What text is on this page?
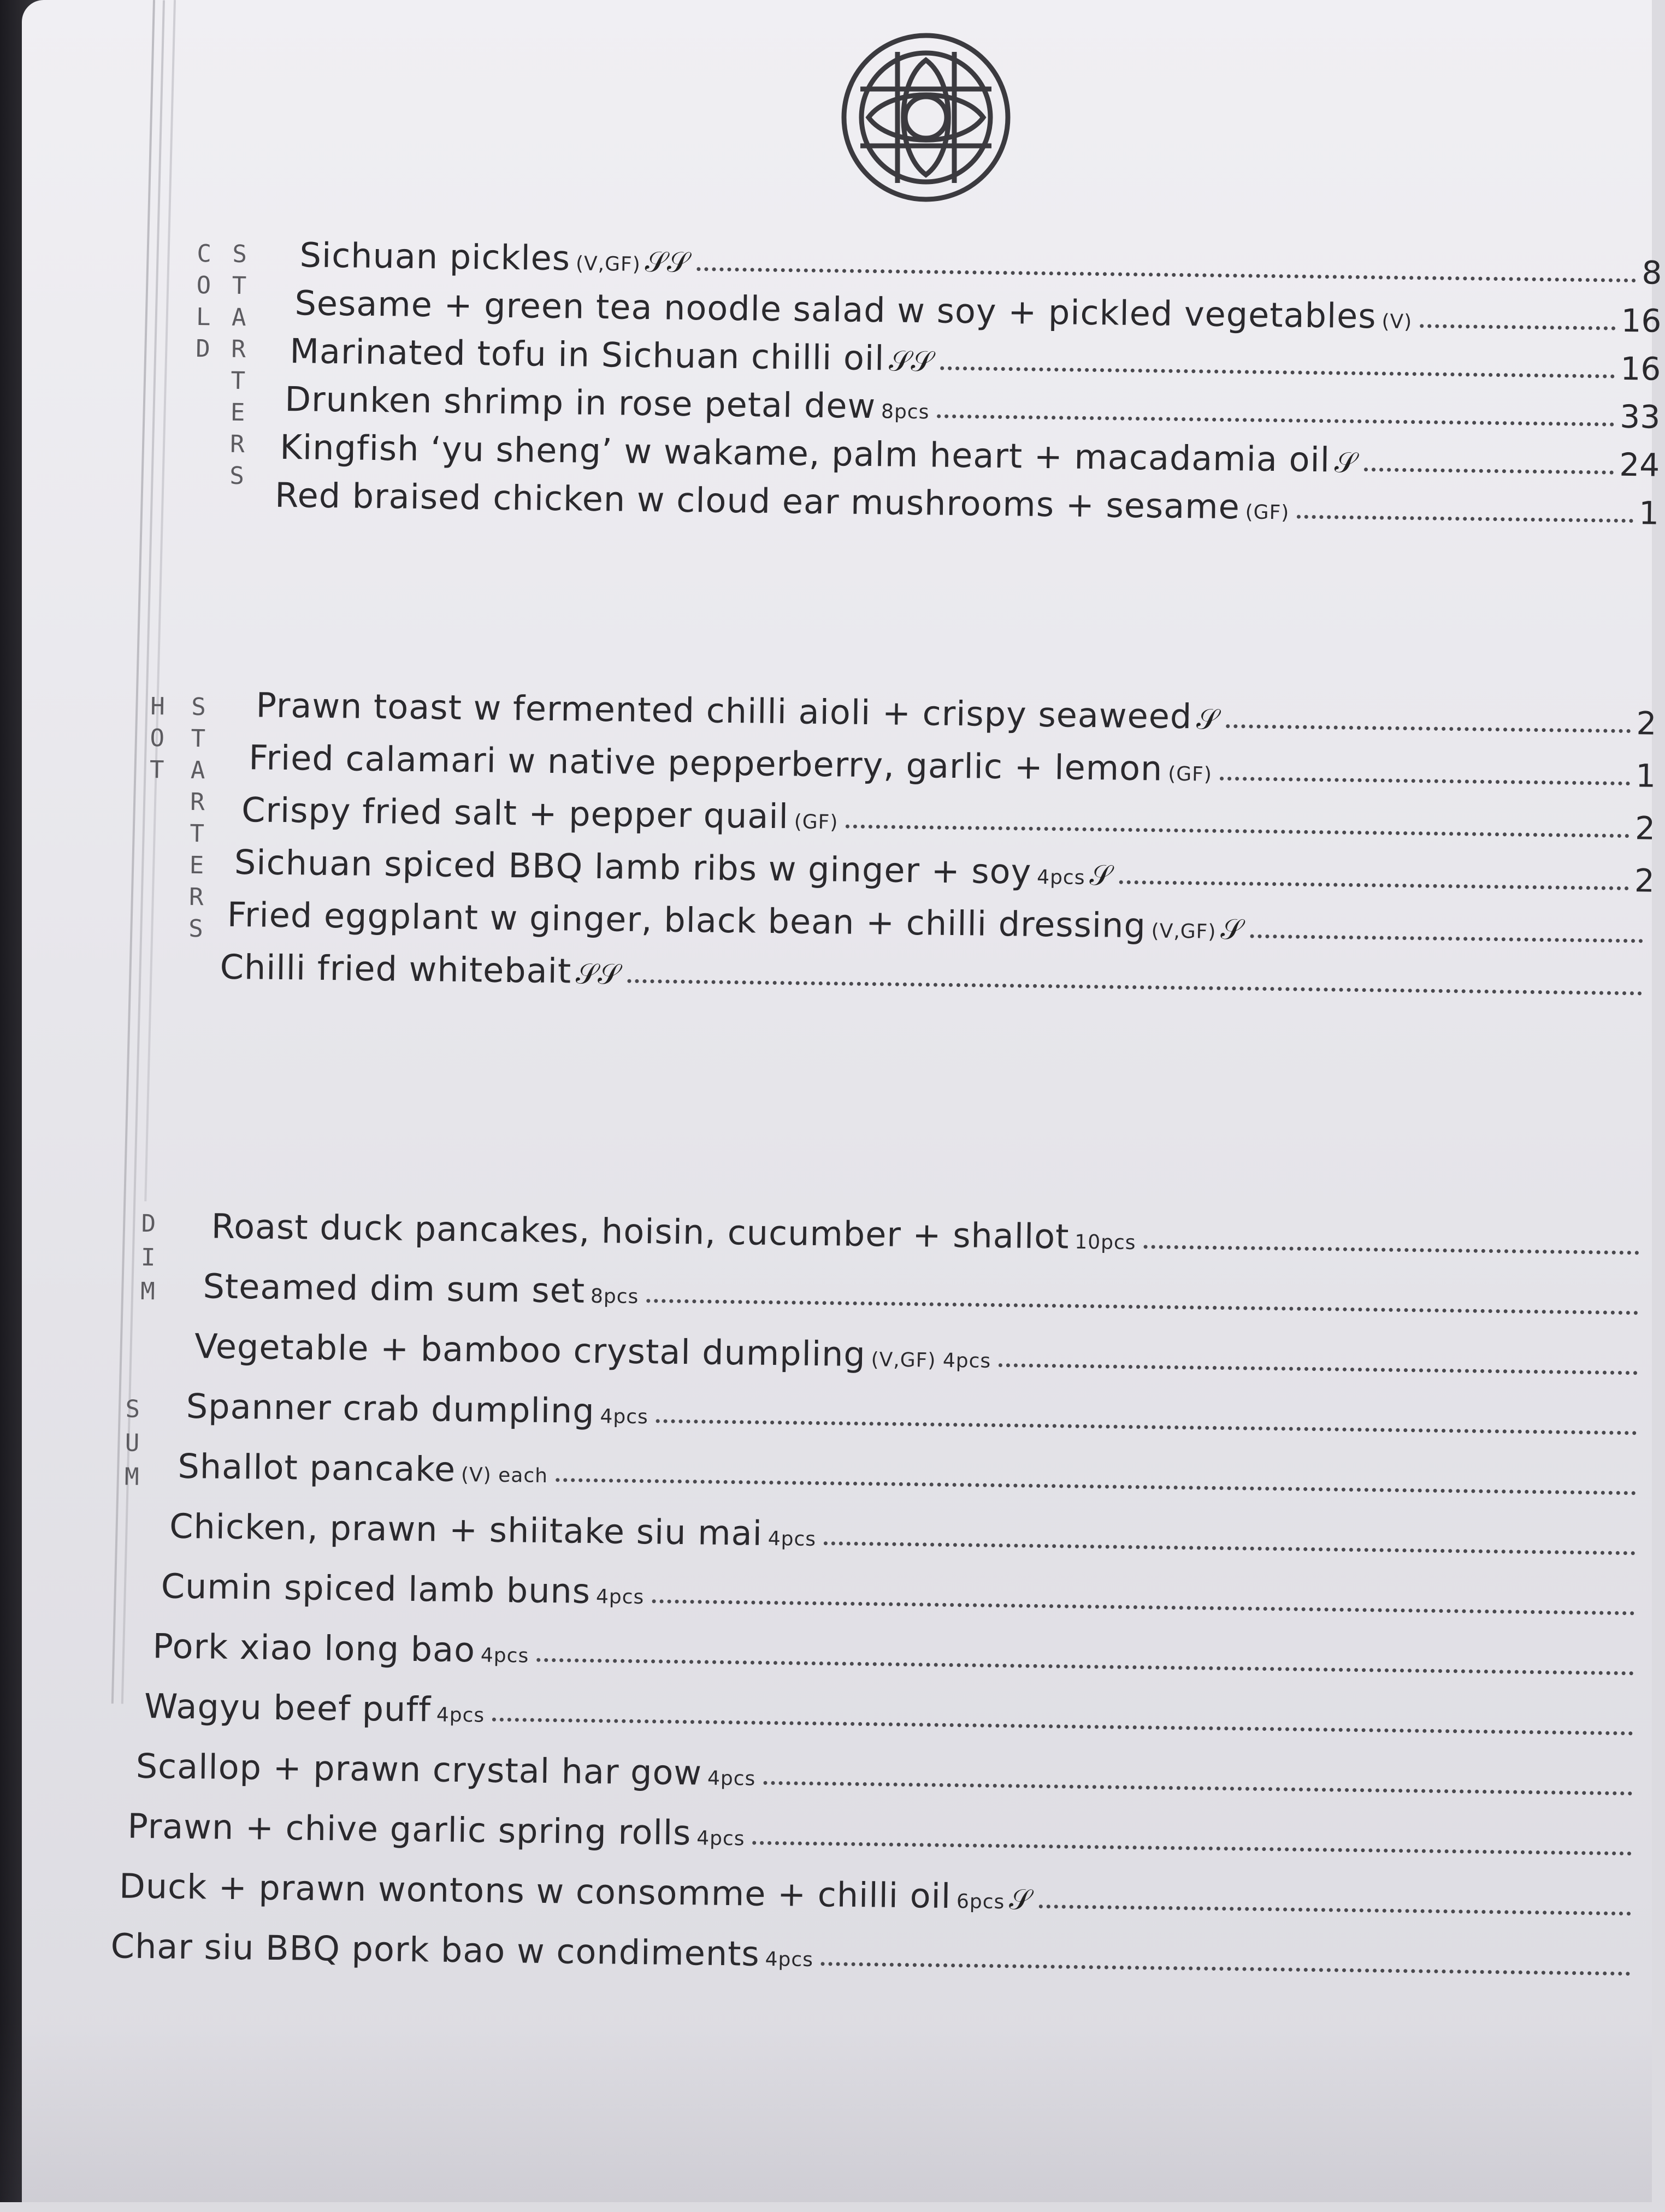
C
O
L
D
S
T
A
R
T
E
R
S
Sichuan pickles $^{(V,GF)}$ 𝒮𝒮	8
Sesame + green tea noodle salad w soy + pickled vegetables $^{(V)}$	16
Marinated tofu in Sichuan chilli oil 𝒮𝒮	16
Drunken shrimp in rose petal dew $^{8pcs}$	33
Kingfish ‘yu sheng’ w wakame, palm heart + macadamia oil 𝒮	24
Red braised chicken w cloud ear mushrooms + sesame $^{(GF)}$	1
H
O
T
S
T
A
R
T
E
R
S
Prawn toast w fermented chilli aioli + crispy seaweed 𝒮	2
Fried calamari w native pepperberry, garlic + lemon $^{(GF)}$	1
Crispy fried salt + pepper quail $^{(GF)}$	2
Sichuan spiced BBQ lamb ribs w ginger + soy $^{4pcs}$ 𝒮	2
Fried eggplant w ginger, black bean + chilli dressing $^{(V,GF)}$ 𝒮
Chilli fried whitebait 𝒮𝒮
D
I
M
S
U
M
Roast duck pancakes, hoisin, cucumber + shallot $^{10pcs}$
Steamed dim sum set $^{8pcs}$
Vegetable + bamboo crystal dumpling $^{(V,GF) 4pcs}$
Spanner crab dumpling $^{4pcs}$
Shallot pancake $^{(V) each}$
Chicken, prawn + shiitake siu mai $^{4pcs}$
Cumin spiced lamb buns $^{4pcs}$
Pork xiao long bao $^{4pcs}$
Wagyu beef puff $^{4pcs}$
Scallop + prawn crystal har gow $^{4pcs}$
Prawn + chive garlic spring rolls $^{4pcs}$
Duck + prawn wontons w consomme + chilli oil $^{6pcs}$ 𝒮
Char siu BBQ pork bao w condiments $^{4pcs}$
